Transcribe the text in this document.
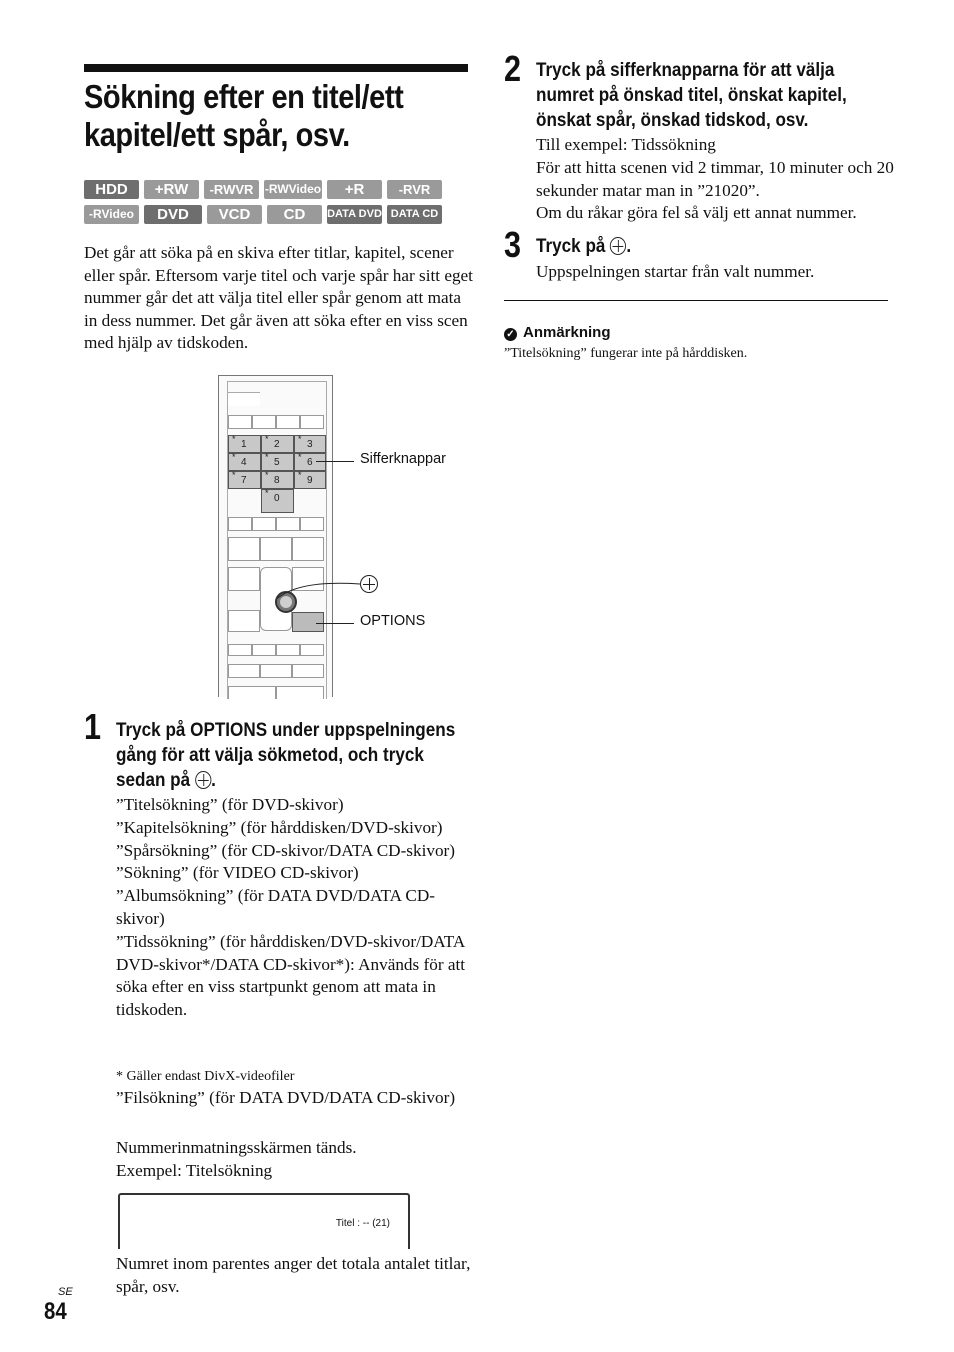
Sökning efter en titel/ett kapitel/ett spår, osv.
HDD	+RW	-RWVR -RWVideo	+R	-RVR
-RVideo	DVD	VCD	CD	DATA DVD DATA CD
Det går att söka på en skiva efter titlar, kapitel, scener eller spår. Eftersom varje titel och varje spår har sitt eget nummer går det att välja titel eller spår genom att mata in dess nummer. Det går även att söka efter en viss scen med hjälp av tidskoden.
* 1 * 2 * 3
* 4 * 5 * 6
* 7 * 8 * 9
* 0
Sifferknappar
OPTIONS
1 Tryck på OPTIONS under uppspelningens gång för att välja sökmetod, och tryck sedan på .
”Titelsökning” (för DVD-skivor)
”Kapitelsökning” (för hårddisken/DVD-skivor)
”Spårsökning” (för CD-skivor/DATA CD-skivor)
”Sökning” (för VIDEO CD-skivor)
”Albumsökning” (för DATA DVD/DATA CD-skivor)
”Tidssökning” (för hårddisken/DVD-skivor/DATA DVD-skivor*/DATA CD-skivor*): Används för att söka efter en viss startpunkt genom att mata in tidskoden.
* Gäller endast DivX-videofiler
”Filsökning” (för DATA DVD/DATA CD-skivor)
Nummerinmatningsskärmen tänds.
Exempel: Titelsökning
Titel : -- (21)
Numret inom parentes anger det totala antalet titlar, spår, osv.
2 Tryck på sifferknapparna för att välja numret på önskad titel, önskat kapitel, önskat spår, önskad tidskod, osv.
Till exempel: Tidssökning
För att hitta scenen vid 2 timmar, 10 minuter och 20 sekunder matar man in ”21020”.
Om du råkar göra fel så välj ett annat nummer.
3 Tryck på .
Uppspelningen startar från valt nummer.
✓ Anmärkning
”Titelsökning” fungerar inte på hårddisken.
SE
84
